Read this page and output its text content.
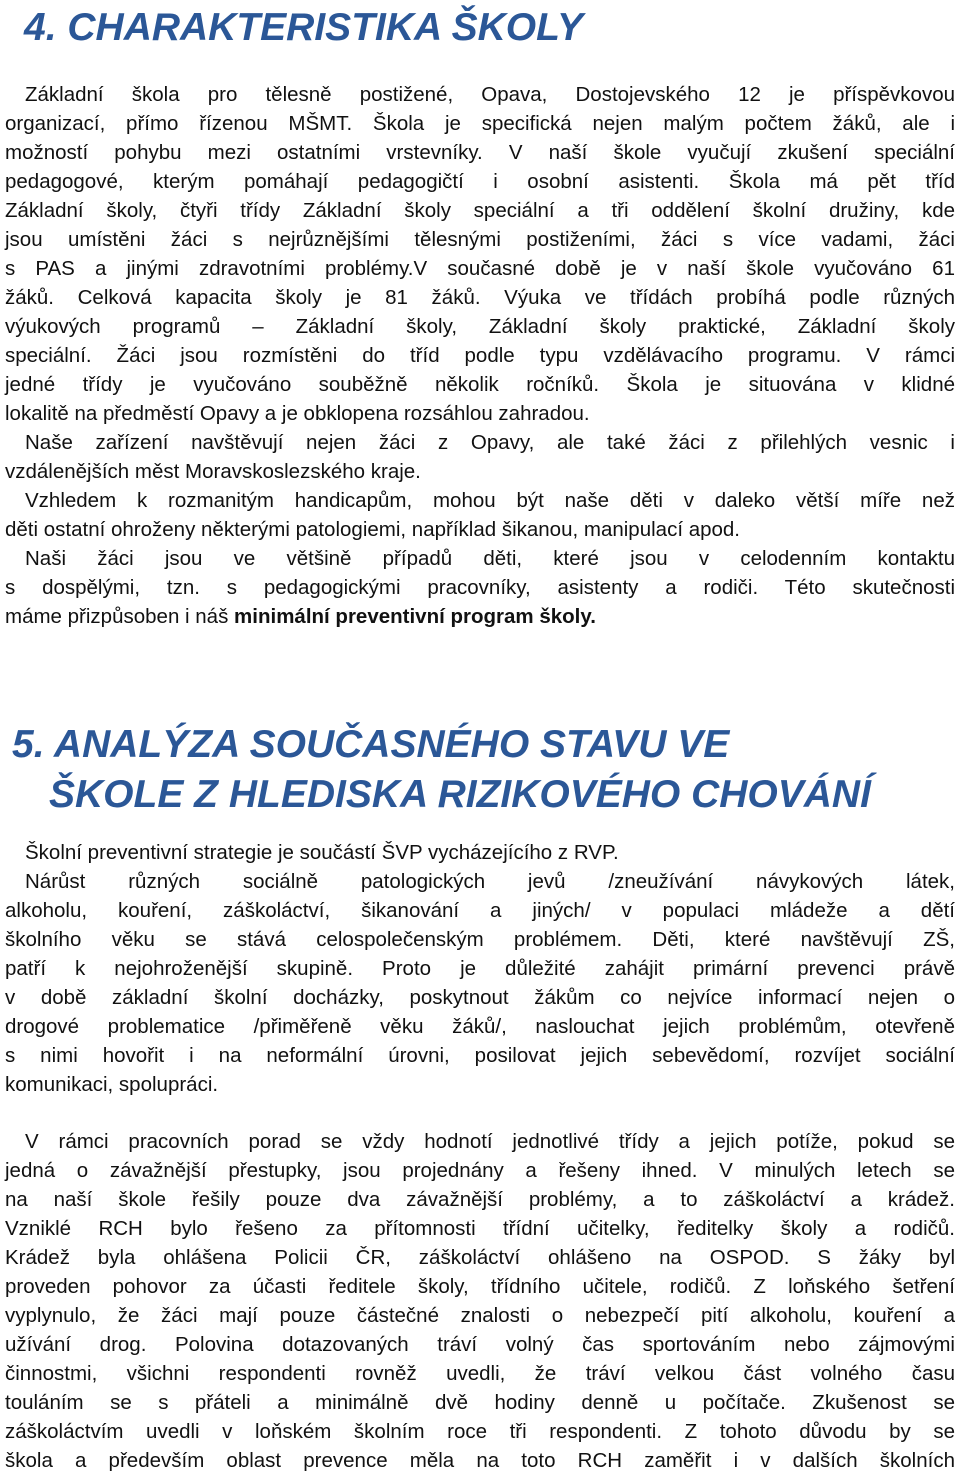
4. CHARAKTERISTIKA ŠKOLY
Základní škola pro tělesně postižené, Opava, Dostojevského 12 je příspěvkovou
organizací, přímo řízenou MŠMT. Škola je specifická nejen malým počtem žáků, ale i
možností pohybu mezi ostatními vrstevníky. V naší škole vyučují zkušení speciální
pedagogové, kterým pomáhají pedagogičtí i osobní asistenti. Škola má pět tříd
Základní školy, čtyři třídy Základní školy speciální a tři oddělení školní družiny, kde
jsou umístěni žáci s nejrůznějšími tělesnými postiženími, žáci s více vadami, žáci
s PAS a jinými zdravotními problémy.V současné době je v naší škole vyučováno 61
žáků. Celková kapacita školy je 81 žáků. Výuka ve třídách probíhá podle různých
výukových programů – Základní školy, Základní školy praktické, Základní školy
speciální. Žáci jsou rozmístěni do tříd podle typu vzdělávacího programu. V rámci
jedné třídy je vyučováno souběžně několik ročníků. Škola je situována v klidné
lokalitě na předměstí Opavy a je obklopena rozsáhlou zahradou.
Naše zařízení navštěvují nejen žáci z Opavy, ale také žáci z přilehlých vesnic i
vzdálenějších měst Moravskoslezského kraje.
Vzhledem k rozmanitým handicapům, mohou být naše děti v daleko větší míře než
děti ostatní ohroženy některými patologiemi, například šikanou, manipulací apod.
Naši žáci jsou ve většině případů děti, které jsou v celodenním kontaktu
s dospělými, tzn. s pedagogickými pracovníky, asistenty a rodiči. Této skutečnosti
máme přizpůsoben i náš minimální preventivní program školy.
5. ANALÝZA SOUČASNÉHO STAVU VE
ŠKOLE Z HLEDISKA RIZIKOVÉHO CHOVÁNÍ
Školní preventivní strategie je součástí ŠVP vycházejícího z RVP.
Nárůst různých sociálně patologických jevů /zneužívání návykových látek,
alkoholu, kouření, záškoláctví, šikanování a jiných/ v populaci mládeže a dětí
školního věku se stává celospolečenským problémem. Děti, které navštěvují ZŠ,
patří k nejohroženější skupině. Proto je důležité zahájit primární prevenci právě
v době základní školní docházky, poskytnout žákům co nejvíce informací nejen o
drogové problematice /přiměřeně věku žáků/, naslouchat jejich problémům, otevřeně
s nimi hovořit i na neformální úrovni, posilovat jejich sebevědomí, rozvíjet sociální
komunikaci, spolupráci.
V rámci pracovních porad se vždy hodnotí jednotlivé třídy a jejich potíže, pokud se
jedná o závažnější přestupky, jsou projednány a řešeny ihned. V minulých letech se
na naší škole řešily pouze dva závažnější problémy, a to záškoláctví a krádež.
Vzniklé RCH bylo řešeno za přítomnosti třídní učitelky, ředitelky školy a rodičů.
Krádež byla ohlášena Policii ČR, záškoláctví ohlášeno na OSPOD. S žáky byl
proveden pohovor za účasti ředitele školy, třídního učitele, rodičů. Z loňského šetření
vyplynulo, že žáci mají pouze částečné znalosti o nebezpečí pití alkoholu, kouření a
užívání drog. Polovina dotazovaných tráví volný čas sportováním nebo zájmovými
činnostmi, všichni respondenti rovněž uvedli, že tráví velkou část volného času
touláním se s přáteli a minimálně dvě hodiny denně u počítače. Zkušenost se
záškoláctvím uvedli v loňském školním roce tři respondenti. Z tohoto důvodu by se
škola a především oblast prevence měla na toto RCH zaměřit i v dalších školních
